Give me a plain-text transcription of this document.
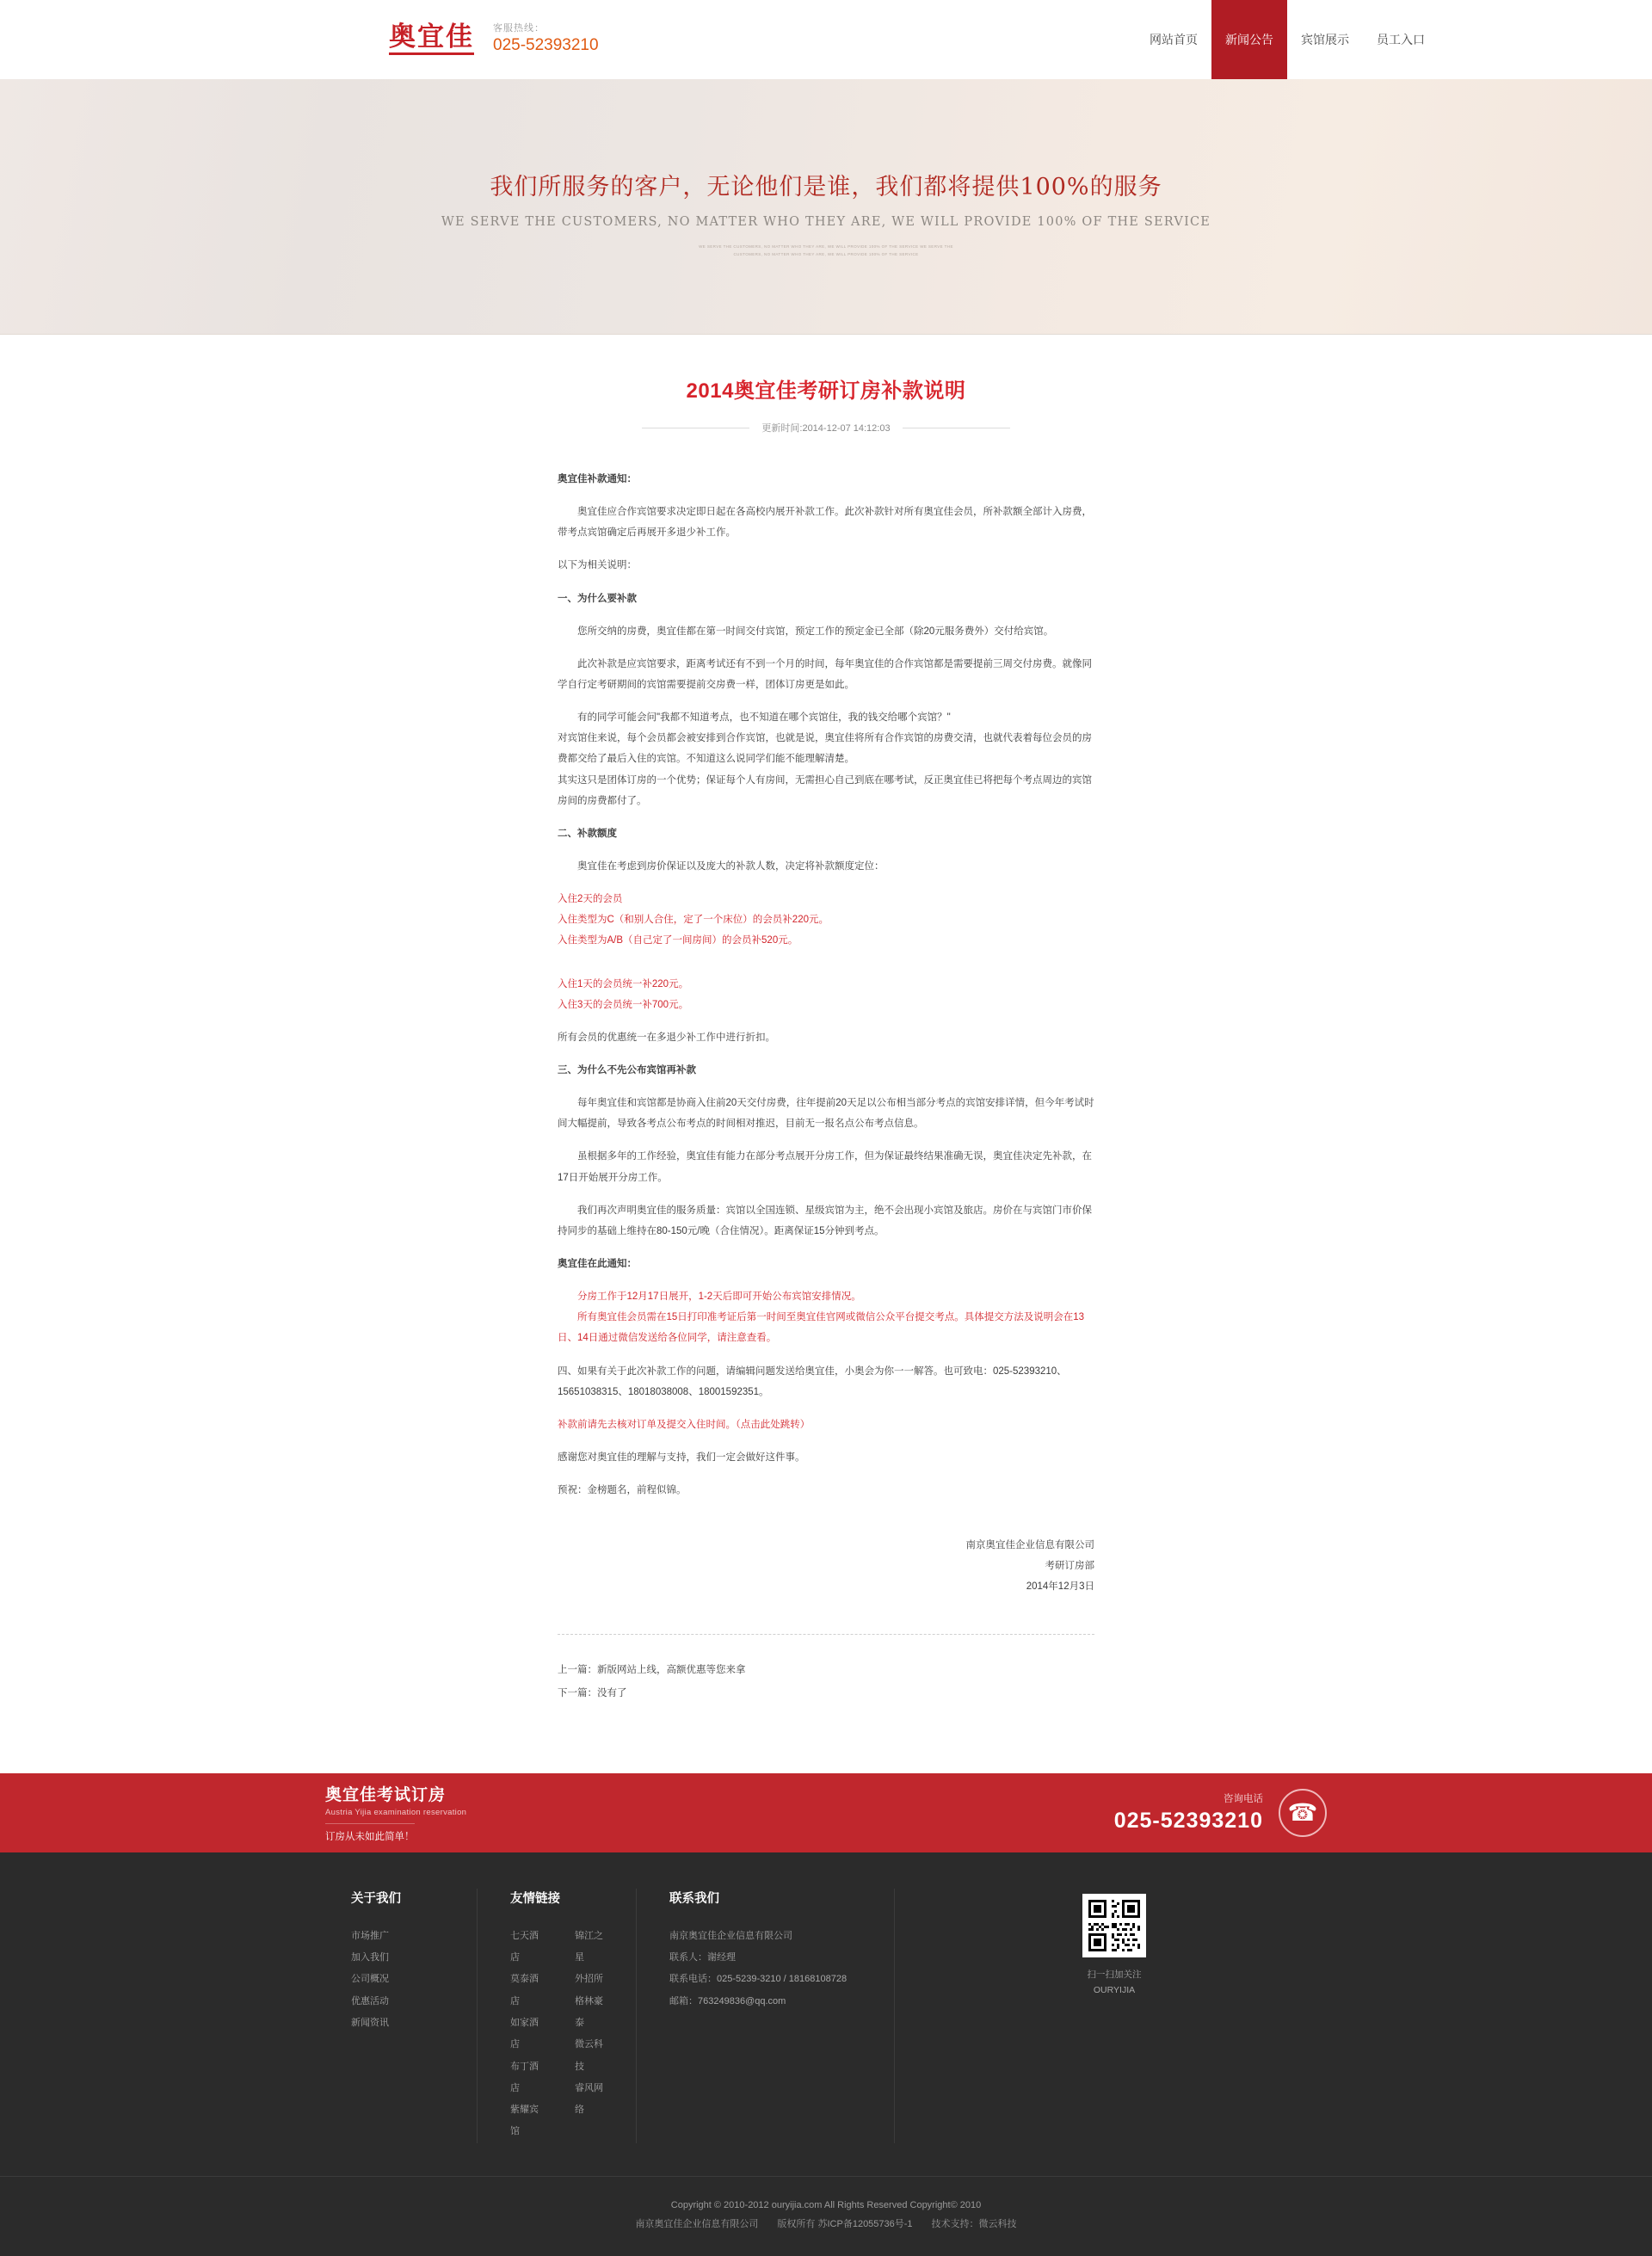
奥宜佳 客服热线：
025-52393210	网站首页	新闻公告	宾馆展示	员工入口
我们所服务的客户，无论他们是谁，我们都将提供100%的服务
WE SERVE THE CUSTOMERS, NO MATTER WHO THEY ARE, WE WILL PROVIDE 100% OF THE SERVICE
WE SERVE THE CUSTOMERS, NO MATTER WHO THEY ARE, WE WILL PROVIDE 100% OF THE SERVICE WE SERVE THE
CUSTOMERS, NO MATTER WHO THEY ARE, WE WILL PROVIDE 100% OF THE SERVICE
2014奥宜佳考研订房补款说明
更新时间:2014-12-07 14:12:03

奥宜佳补款通知：

奥宜佳应合作宾馆要求决定即日起在各高校内展开补款工作。此次补款针对所有奥宜佳会员，所补款额全部计入房费，带考点宾馆确定后再展开多退少补工作。

以下为相关说明：

一、为什么要补款

您所交纳的房费，奥宜佳都在第一时间交付宾馆，预定工作的预定金已全部（除20元服务费外）交付给宾馆。

此次补款是应宾馆要求，距离考试还有不到一个月的时间，每年奥宜佳的合作宾馆都是需要提前三周交付房费。就像同学自行定考研期间的宾馆需要提前交房费一样，团体订房更是如此。

有的同学可能会问"我都不知道考点，也不知道在哪个宾馆住，我的钱交给哪个宾馆？"

对宾馆住来说，每个会员都会被安排到合作宾馆，也就是说，奥宜佳将所有合作宾馆的房费交清，也就代表着每位会员的房费都交给了最后入住的宾馆。不知道这么说同学们能不能理解清楚。

其实这只是团体订房的一个优势；保证每个人有房间，无需担心自己到底在哪考试，反正奥宜佳已将把每个考点周边的宾馆房间的房费都付了。

二、补款额度

奥宜佳在考虑到房价保证以及庞大的补款人数，决定将补款额度定位：

入住2天的会员

入住类型为C（和别人合住，定了一个床位）的会员补220元。

入住类型为A/B（自己定了一间房间）的会员补520元。

入住1天的会员统一补220元。

入住3天的会员统一补700元。

所有会员的优惠统一在多退少补工作中进行折扣。

三、为什么不先公布宾馆再补款

每年奥宜佳和宾馆都是协商入住前20天交付房费，往年提前20天足以公布相当部分考点的宾馆安排详情，但今年考试时间大幅提前，导致各考点公布考点的时间相对推迟，目前无一报名点公布考点信息。

虽根据多年的工作经验，奥宜佳有能力在部分考点展开分房工作，但为保证最终结果准确无误，奥宜佳决定先补款，在17日开始展开分房工作。

我们再次声明奥宜佳的服务质量：宾馆以全国连锁、星级宾馆为主，绝不会出现小宾馆及旅店。房价在与宾馆门市价保持同步的基础上维持在80-150元/晚（合住情况）。距离保证15分钟到考点。

奥宜佳在此通知：

分房工作于12月17日展开，1-2天后即可开始公布宾馆安排情况。

所有奥宜佳会员需在15日打印准考证后第一时间至奥宜佳官网或微信公众平台提交考点。具体提交方法及说明会在13日、14日通过微信发送给各位同学，请注意查看。

四、如果有关于此次补款工作的问题，请编辑问题发送给奥宜佳，小奥会为你一一解答。也可致电：025-52393210、15651038315、18018038008、18001592351。

补款前请先去核对订单及提交入住时间。（点击此处跳转）

感谢您对奥宜佳的理解与支持，我们一定会做好这件事。

预祝：金榜题名，前程似锦。

南京奥宜佳企业信息有限公司
考研订房部
2014年12月3日
上一篇：新版网站上线，高额优惠等您来拿
下一篇：没有了
奥宜佳考试订房
Austria Yijia examination reservation
订房从未如此简单！
咨询电话
025-52393210	☎
关于我们
市场推广
加入我们
公司概况
优惠活动
新闻资讯
友情链接
七天酒店
莫泰酒店
如家酒店
布丁酒店
紫耀宾馆
锦江之星
外招所
格林豪泰
微云科技
睿风网络
联系我们
南京奥宜佳企业信息有限公司
联系人：谢经理
联系电话：025-5239-3210 / 18168108728
邮箱：763249836@qq.com
扫一扫加关注
OURYIJIA
Copyright © 2010-2012 ouryijia.com All Rights Reserved Copyright© 2010
南京奥宜佳企业信息有限公司　　版权所有 苏ICP备12055736号-1　　技术支持：微云科技
